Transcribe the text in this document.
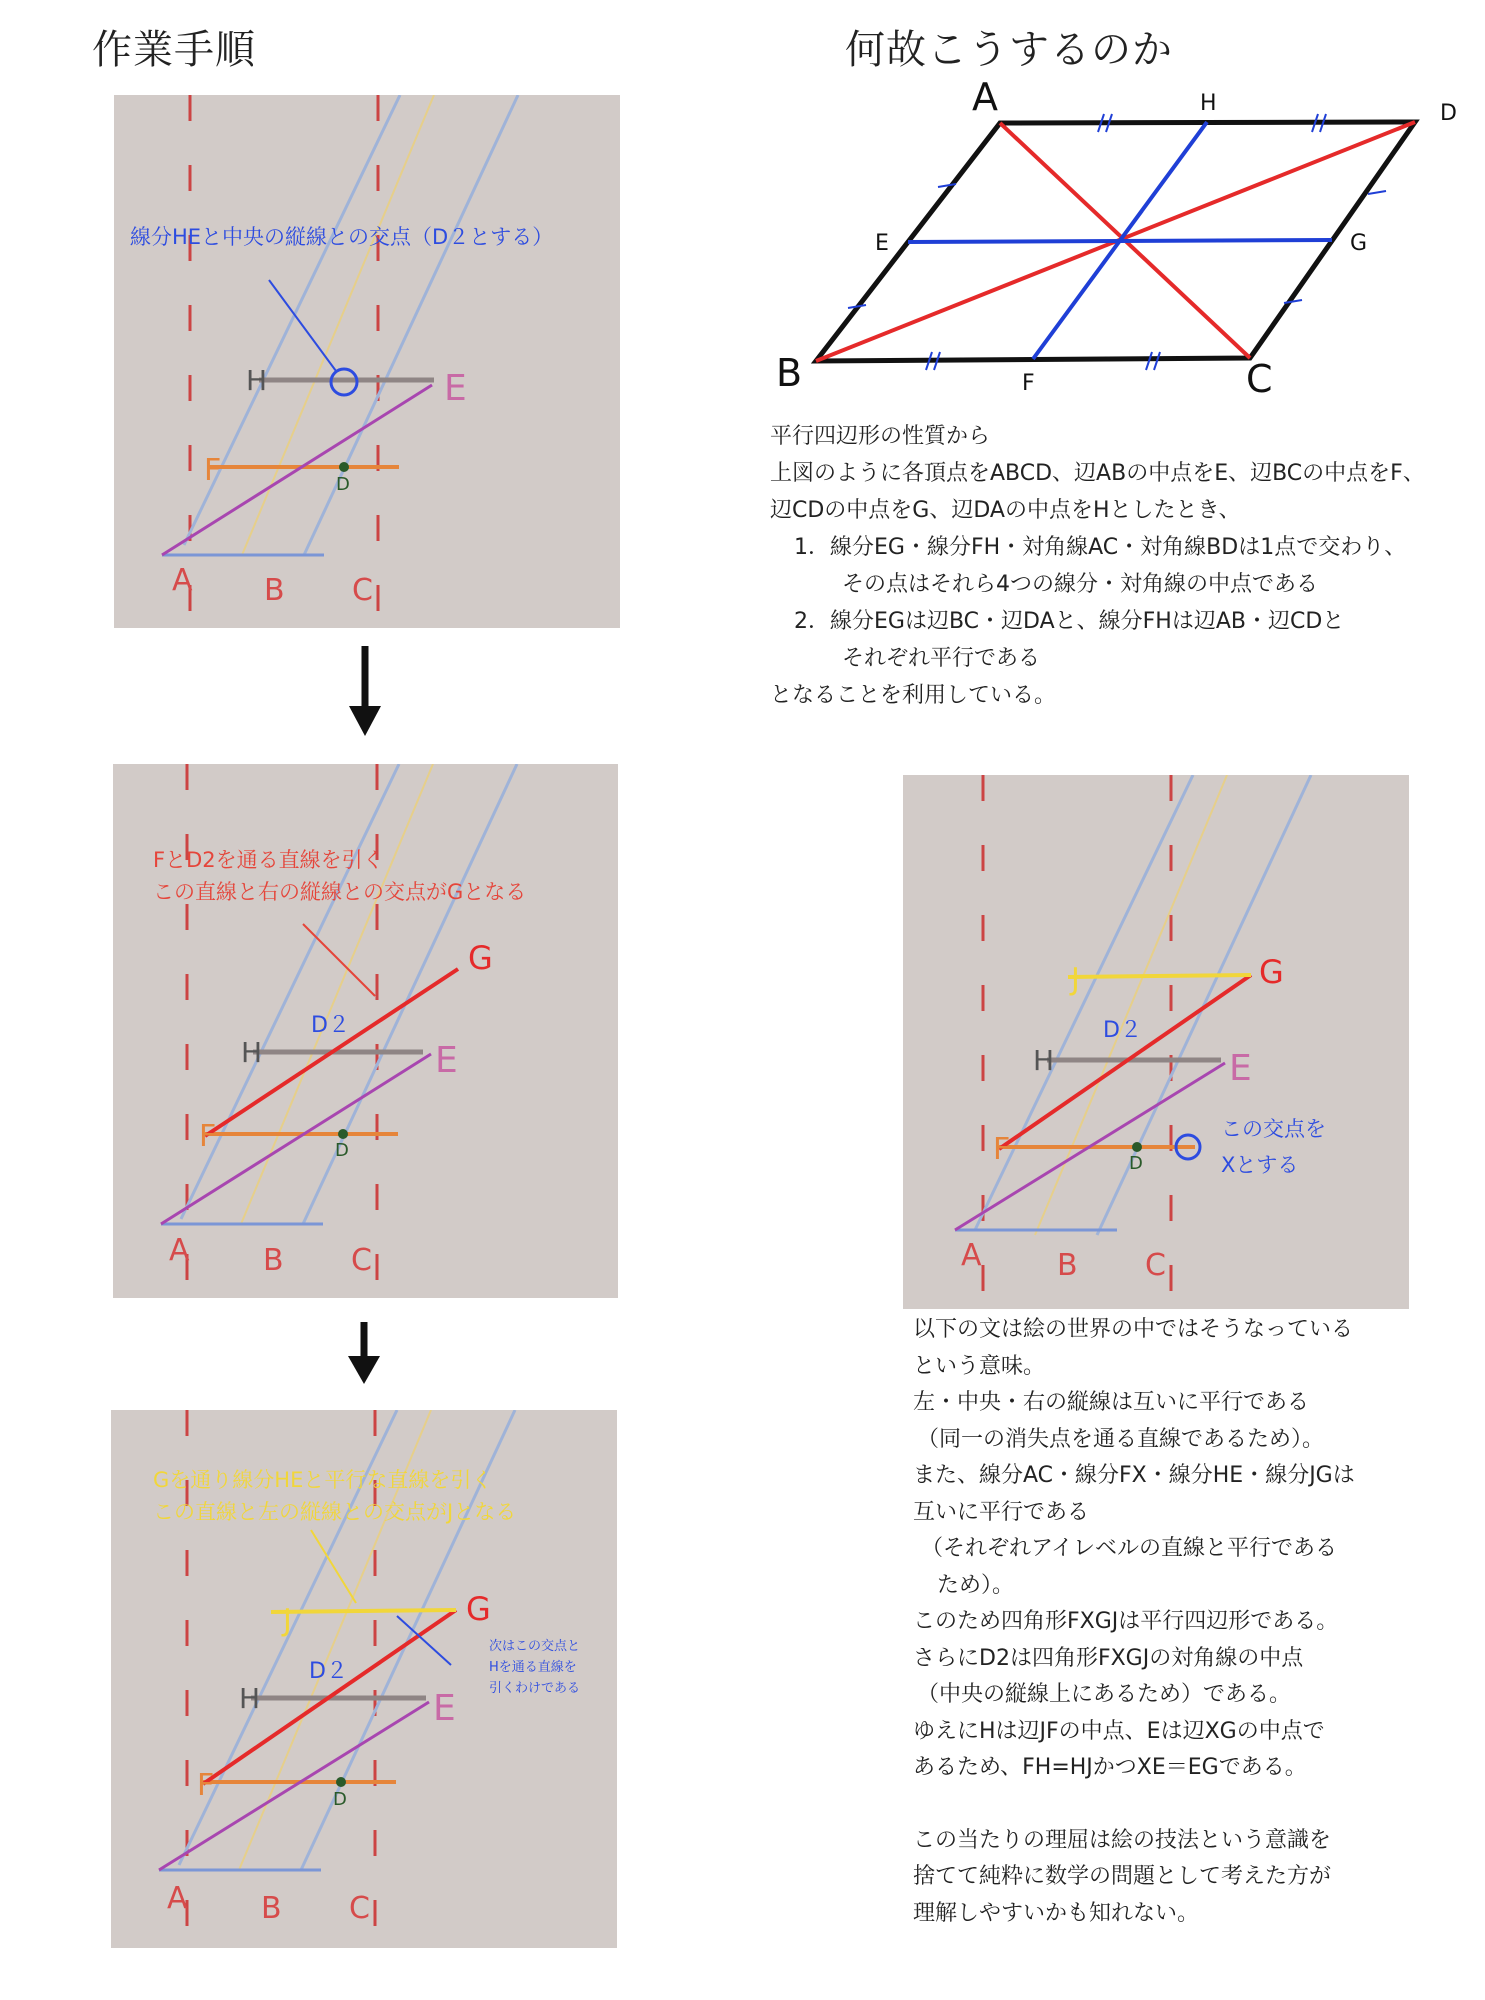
作業手順	何故こうするのか
A
B	C
D
E
F
G
H
平行四辺形の性質から
上図のように各頂点をABCD、辺ABの中点をE、辺BCの中点をF、
辺CDの中点をG、辺DAの中点をHとしたとき、
1．線分EG・線分FH・対角線AC・対角線BDは1点で交わり、
その点はそれら4つの線分・対角線の中点である
2．線分EGは辺BC・辺DAと、線分FHは辺AB・辺CDと
それぞれ平行である
となることを利用している。
H	E
F	D
A B C
線分HEと中央の縦線との交点（D２とする）
G
H
D２
E
F	D
A B C
FとD2を通る直線を引く
この直線と右の縦線との交点がGとなる
J	G
H
D２
E
F	D
A B C
Gを通り線分HEと平行な直線を引く
この直線と左の縦線との交点がJとなる
次はこの交点と
Hを通る直線を
引くわけである
J	G
H
D２
E
F	D
A	B C
この交点を
Xとする
以下の文は絵の世界の中ではそうなっている
という意味。
左・中央・右の縦線は互いに平行である
（同一の消失点を通る直線であるため）。
また、線分AC・線分FX・線分HE・線分JGは
互いに平行である
（それぞれアイレベルの直線と平行である
ため）。
このため四角形FXGJは平行四辺形である。
さらにD2は四角形FXGJの対角線の中点
（中央の縦線上にあるため）である。
ゆえにHは辺JFの中点、Eは辺XGの中点で
あるため、FH=HJかつXE＝EGである。
この当たりの理屈は絵の技法という意識を
捨てて純粋に数学の問題として考えた方が
理解しやすいかも知れない。
